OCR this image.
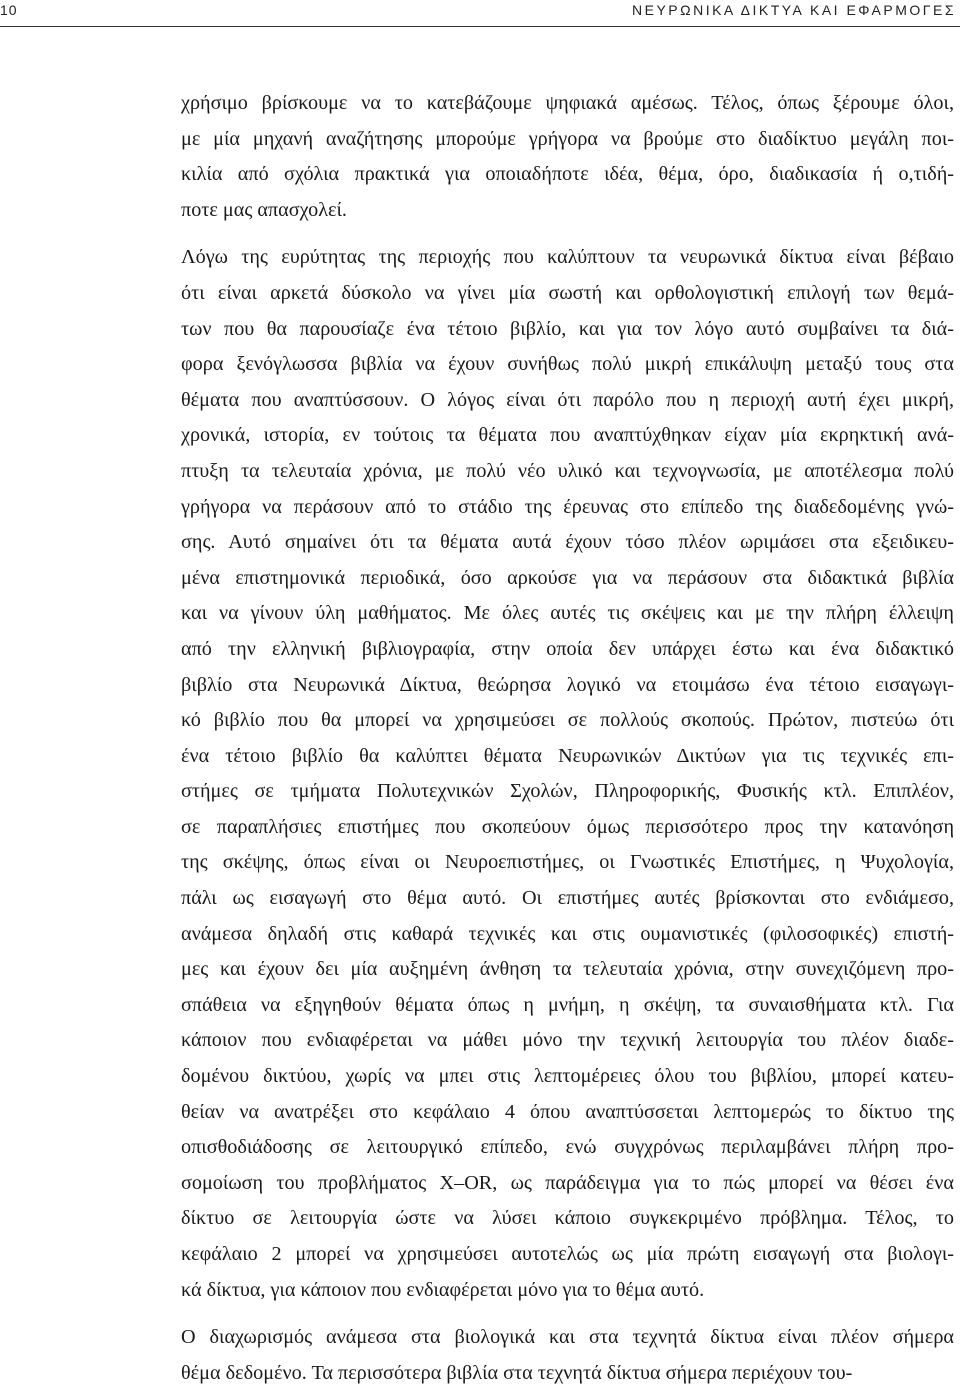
10	ΝΕΥΡΩΝΙΚΑ ΔΙΚΤΥΑ ΚΑΙ ΕΦΑΡΜΟΓΕΣ

χρήσιμο βρίσκουμε να το κατεβάζουμε ψηφιακά αμέσως. Τέλος, όπως ξέρουμε όλοι,
με μία μηχανή αναζήτησης μπορούμε γρήγορα να βρούμε στο διαδίκτυο μεγάλη ποι-
κιλία από σχόλια πρακτικά για οποιαδήποτε ιδέα, θέμα, όρο, διαδικασία ή ο,τιδή-
ποτε μας απασχολεί.

Λόγω της ευρύτητας της περιοχής που καλύπτουν τα νευρωνικά δίκτυα είναι βέβαιο
ότι είναι αρκετά δύσκολο να γίνει μία σωστή και ορθολογιστική επιλογή των θεμά-
των που θα παρουσίαζε ένα τέτοιο βιβλίο, και για τον λόγο αυτό συμβαίνει τα διά-
φορα ξενόγλωσσα βιβλία να έχουν συνήθως πολύ μικρή επικάλυψη μεταξύ τους στα
θέματα που αναπτύσσουν. Ο λόγος είναι ότι παρόλο που η περιοχή αυτή έχει μικρή,
χρονικά, ιστορία, εν τούτοις τα θέματα που αναπτύχθηκαν είχαν μία εκρηκτική ανά-
πτυξη τα τελευταία χρόνια, με πολύ νέο υλικό και τεχνογνωσία, με αποτέλεσμα πολύ
γρήγορα να περάσουν από το στάδιο της έρευνας στο επίπεδο της διαδεδομένης γνώ-
σης. Αυτό σημαίνει ότι τα θέματα αυτά έχουν τόσο πλέον ωριμάσει στα εξειδικευ-
μένα επιστημονικά περιοδικά, όσο αρκούσε για να περάσουν στα διδακτικά βιβλία
και να γίνουν ύλη μαθήματος. Με όλες αυτές τις σκέψεις και με την πλήρη έλλειψη
από την ελληνική βιβλιογραφία, στην οποία δεν υπάρχει έστω και ένα διδακτικό
βιβλίο στα Νευρωνικά Δίκτυα, θεώρησα λογικό να ετοιμάσω ένα τέτοιο εισαγωγι-
κό βιβλίο που θα μπορεί να χρησιμεύσει σε πολλούς σκοπούς. Πρώτον, πιστεύω ότι
ένα τέτοιο βιβλίο θα καλύπτει θέματα Νευρωνικών Δικτύων για τις τεχνικές επι-
στήμες σε τμήματα Πολυτεχνικών Σχολών, Πληροφορικής, Φυσικής κτλ. Επιπλέον,
σε παραπλήσιες επιστήμες που σκοπεύουν όμως περισσότερο προς την κατανόηση
της σκέψης, όπως είναι οι Νευροεπιστήμες, οι Γνωστικές Επιστήμες, η Ψυχολογία,
πάλι ως εισαγωγή στο θέμα αυτό. Οι επιστήμες αυτές βρίσκονται στο ενδιάμεσο,
ανάμεσα δηλαδή στις καθαρά τεχνικές και στις ουμανιστικές (φιλοσοφικές) επιστή-
μες και έχουν δει μία αυξημένη άνθηση τα τελευταία χρόνια, στην συνεχιζόμενη προ-
σπάθεια να εξηγηθούν θέματα όπως η μνήμη, η σκέψη, τα συναισθήματα κτλ. Για
κάποιον που ενδιαφέρεται να μάθει μόνο την τεχνική λειτουργία του πλέον διαδε-
δομένου δικτύου, χωρίς να μπει στις λεπτομέρειες όλου του βιβλίου, μπορεί κατευ-
θείαν να ανατρέξει στο κεφάλαιο 4 όπου αναπτύσσεται λεπτομερώς το δίκτυο της
οπισθοδιάδοσης σε λειτουργικό επίπεδο, ενώ συγχρόνως περιλαμβάνει πλήρη προ-
σομοίωση του προβλήματος X–OR, ως παράδειγμα για το πώς μπορεί να θέσει ένα
δίκτυο σε λειτουργία ώστε να λύσει κάποιο συγκεκριμένο πρόβλημα. Τέλος, το
κεφάλαιο 2 μπορεί να χρησιμεύσει αυτοτελώς ως μία πρώτη εισαγωγή στα βιολογι-
κά δίκτυα, για κάποιον που ενδιαφέρεται μόνο για το θέμα αυτό.

Ο διαχωρισμός ανάμεσα στα βιολογικά και στα τεχνητά δίκτυα είναι πλέον σήμερα
θέμα δεδομένο. Τα περισσότερα βιβλία στα τεχνητά δίκτυα σήμερα περιέχουν του-
